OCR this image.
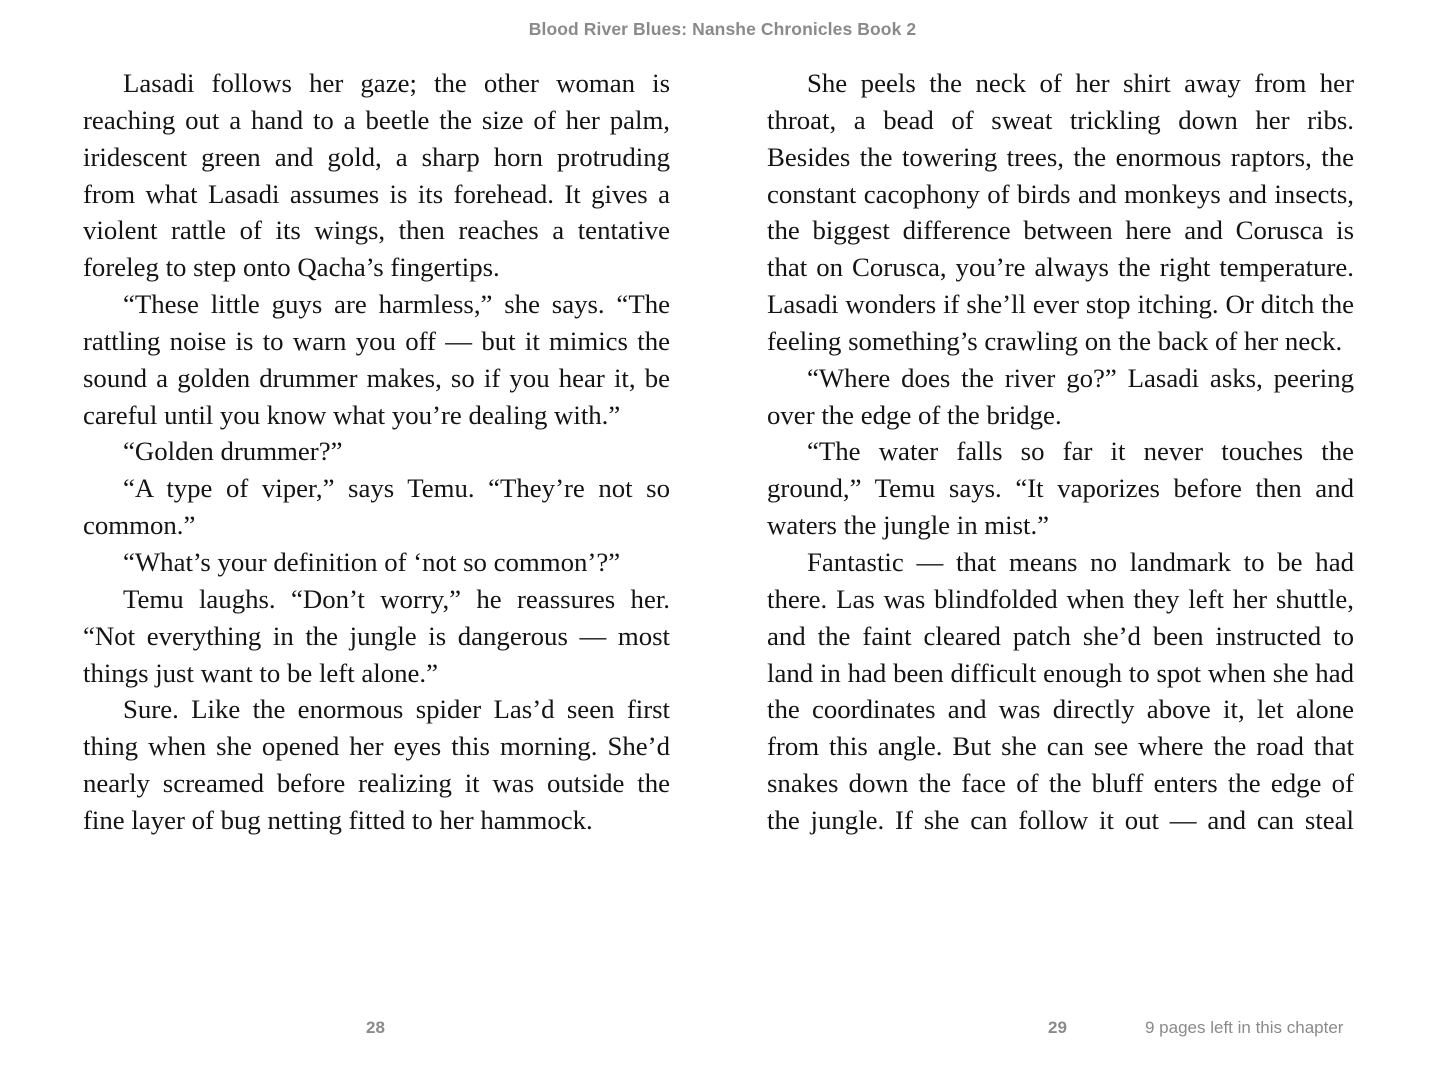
Blood River Blues: Nanshe Chronicles Book 2

Lasadi follows her gaze; the other woman is reaching out a hand to a beetle the size of her palm, iridescent green and gold, a sharp horn protruding from what Lasadi assumes is its forehead. It gives a violent rattle of its wings, then reaches a tentative foreleg to step onto Qacha’s fingertips.

“These little guys are harmless,” she says. “The rattling noise is to warn you off — but it mimics the sound a golden drummer makes, so if you hear it, be careful until you know what you’re dealing with.”

“Golden drummer?”

“A type of viper,” says Temu. “They’re not so common.”

“What’s your definition of ‘not so common’?”

Temu laughs. “Don’t worry,” he reassures her. “Not everything in the jungle is dangerous — most things just want to be left alone.”

Sure. Like the enormous spider Las’d seen first thing when she opened her eyes this morning. She’d nearly screamed before realizing it was outside the fine layer of bug netting fitted to her hammock.

She peels the neck of her shirt away from her throat, a bead of sweat trickling down her ribs. Besides the towering trees, the enormous raptors, the constant cacophony of birds and monkeys and insects, the biggest difference between here and Corusca is that on Corusca, you’re always the right temperature. Lasadi wonders if she’ll ever stop itching. Or ditch the feeling something’s crawling on the back of her neck.

“Where does the river go?” Lasadi asks, peering over the edge of the bridge.

“The water falls so far it never touches the ground,” Temu says. “It vaporizes before then and waters the jungle in mist.”

Fantastic — that means no landmark to be had there. Las was blindfolded when they left her shuttle, and the faint cleared patch she’d been instructed to land in had been difficult enough to spot when she had the coordinates and was directly above it, let alone from this angle. But she can see where the road that snakes down the face of the bluff enters the edge of the jungle. If she can follow it out — and can steal

28	29	9 pages left in this chapter
